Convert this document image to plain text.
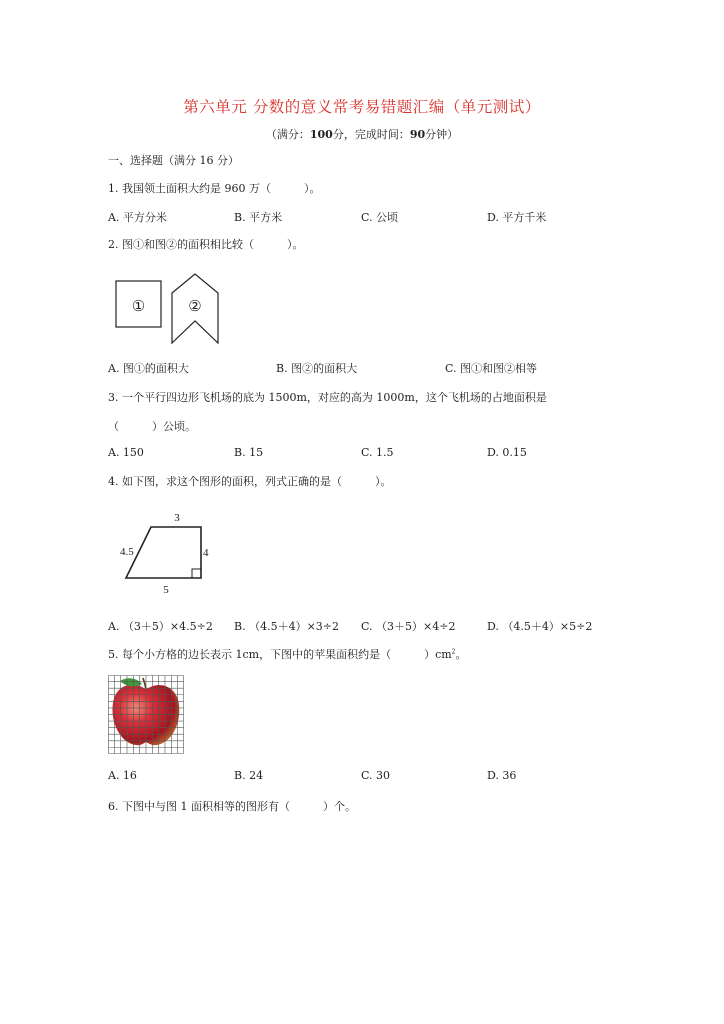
第六单元 分数的意义常考易错题汇编（单元测试）
（满分：100分，完成时间：90分钟）
一、选择题（满分 16 分）
1. 我国领土面积大约是 960 万（　　　）。
A. 平方分米	B. 平方米	C. 公顷	D. 平方千米
2. 图①和图②的面积相比较（　　　）。
①	②
A. 图①的面积大	B. 图②的面积大	C. 图①和图②相等
3. 一个平行四边形飞机场的底为 1500m，对应的高为 1000m，这个飞机场的占地面积是
（　　　）公顷。
A. 150	B. 15	C. 1.5	D. 0.15
4. 如下图，求这个图形的面积，列式正确的是（　　　）。
3
4.5	4
5
A. （3＋5）×4.5÷2 B. （4.5＋4）×3÷2 C. （3＋5）×4÷2	D. （4.5＋4）×5÷2
5. 每个小方格的边长表示 1cm，下图中的苹果面积约是（　　　）$cm^2$。
A. 16	B. 24	C. 30	D. 36
6. 下图中与图 1 面积相等的图形有（　　　）个。
